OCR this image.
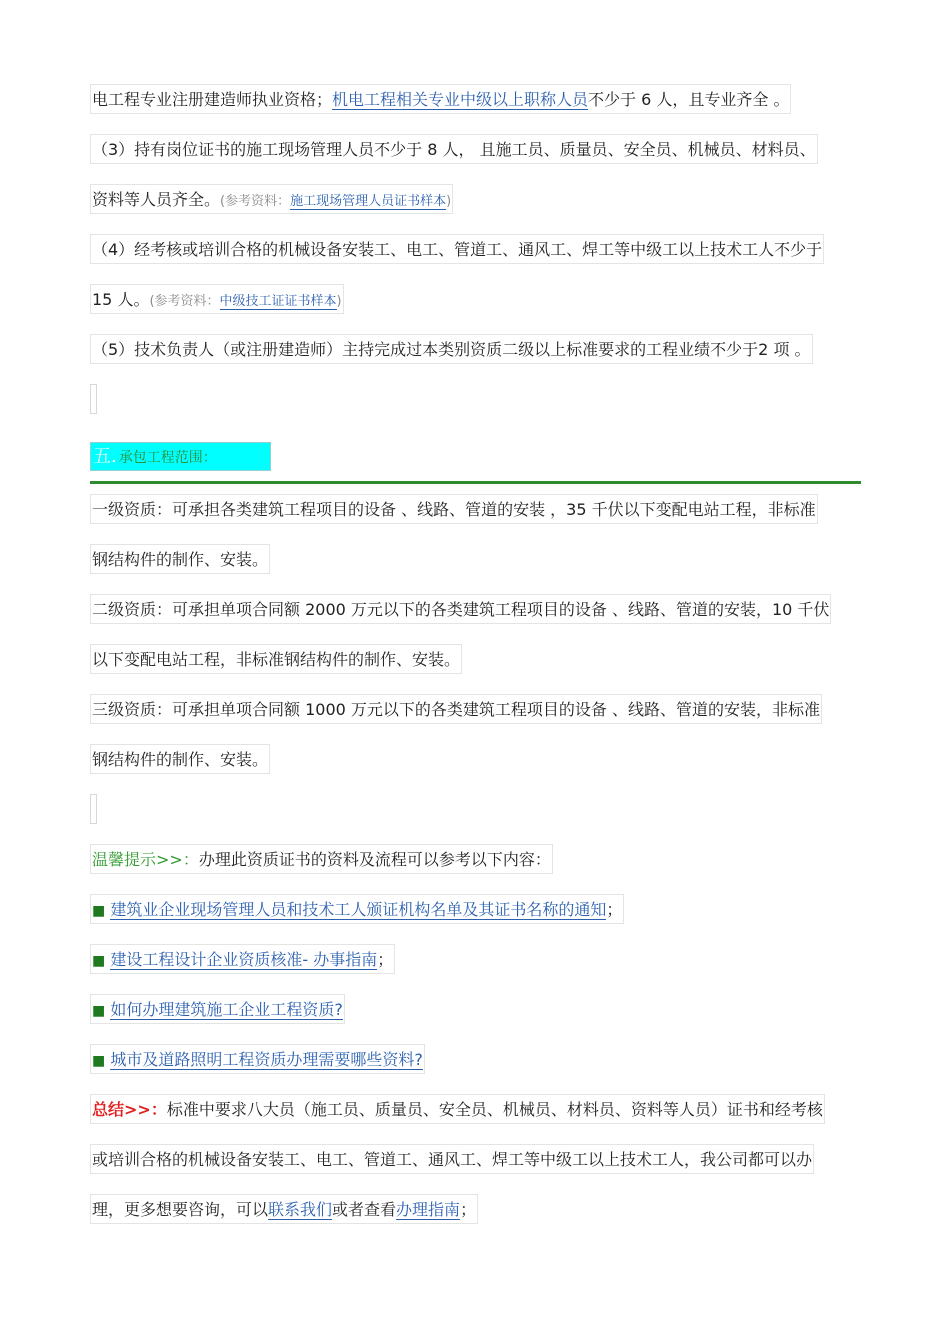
电工程专业注册建造师执业资格；机电工程相关专业中级以上职称人员不少于 6 人，且专业齐全 。
（3）持有岗位证书的施工现场管理人员不少于 8 人， 且施工员、质量员、安全员、机械员、材料员、
资料等人员齐全。(参考资料：施工现场管理人员证书样本)
（4）经考核或培训合格的机械设备安装工、电工、管道工、通风工、焊工等中级工以上技术工人不少于
15 人。(参考资料：中级技工证证书样本)
（5）技术负责人（或注册建造师）主持完成过本类别资质二级以上标准要求的工程业绩不少于2 项 。
五. 承包工程范围：
一级资质：可承担各类建筑工程项目的设备 、线路、管道的安装 ，35 千伏以下变配电站工程，非标准
钢结构件的制作、安装。
二级资质：可承担单项合同额 2000 万元以下的各类建筑工程项目的设备 、线路、管道的安装，10 千伏
以下变配电站工程，非标准钢结构件的制作、安装。
三级资质：可承担单项合同额 1000 万元以下的各类建筑工程项目的设备 、线路、管道的安装，非标准
钢结构件的制作、安装。
温馨提示>>：办理此资质证书的资料及流程可以参考以下内容：
■ 建筑业企业现场管理人员和技术工人颁证机构名单及其证书名称的通知；
■ 建设工程设计企业资质核准- 办事指南；
■ 如何办理建筑施工企业工程资质?
■ 城市及道路照明工程资质办理需要哪些资料?
总结>>：标准中要求八大员（施工员、质量员、安全员、机械员、材料员、资料等人员）证书和经考核
或培训合格的机械设备安装工、电工、管道工、通风工、焊工等中级工以上技术工人，我公司都可以办
理，更多想要咨询，可以联系我们或者查看办理指南；
